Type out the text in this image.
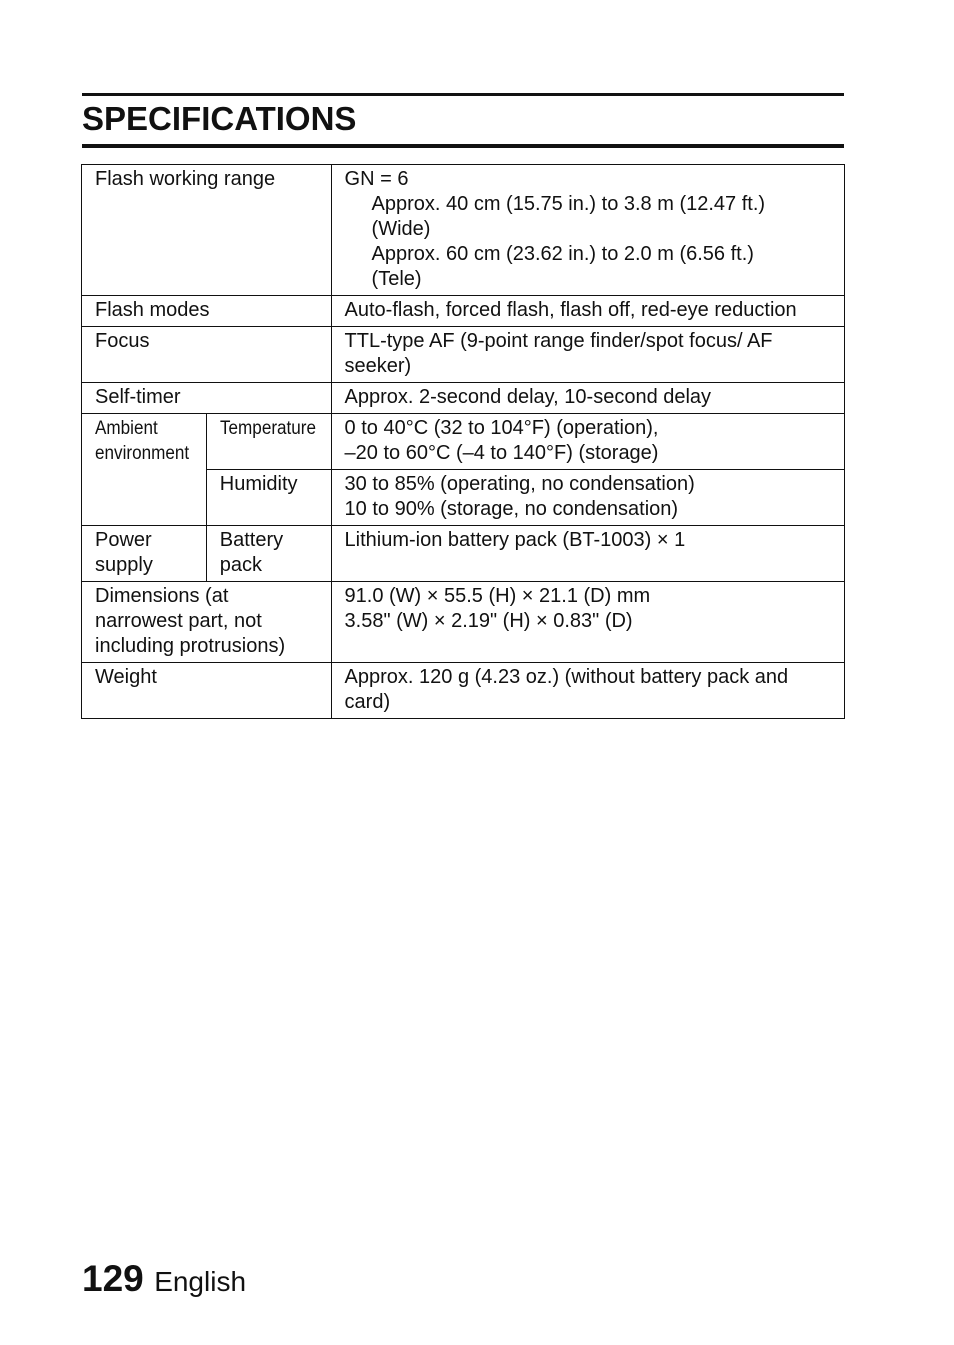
SPECIFICATIONS
Flash working range		GN = 6
Approx. 40 cm (15.75 in.) to 3.8 m (12.47 ft.)
(Wide)
Approx. 60 cm (23.62 in.) to 2.0 m (6.56 ft.)
(Tele)

Flash modes		Auto-flash, forced flash, flash off, red-eye reduction
Focus		TTL-type AF (9-point range finder/spot focus/ AF seeker)
Self-timer		Approx. 2-second delay, 10-second delay
Ambient environment	Temperature	0 to 40°C (32 to 104°F) (operation),
–20 to 60°C (–4 to 140°F) (storage)

	Humidity	30 to 85% (operating, no condensation)
10 to 90% (storage, no condensation)

Power supply	Battery pack	Lithium-ion battery pack (BT-1003) × 1
Dimensions (at narrowest part, not including protrusions)		91.0 (W) × 55.5 (H) × 21.1 (D) mm
3.58" (W) × 2.19" (H) × 0.83" (D)

Weight		Approx. 120 g (4.23 oz.) (without battery pack and card)
129 English
